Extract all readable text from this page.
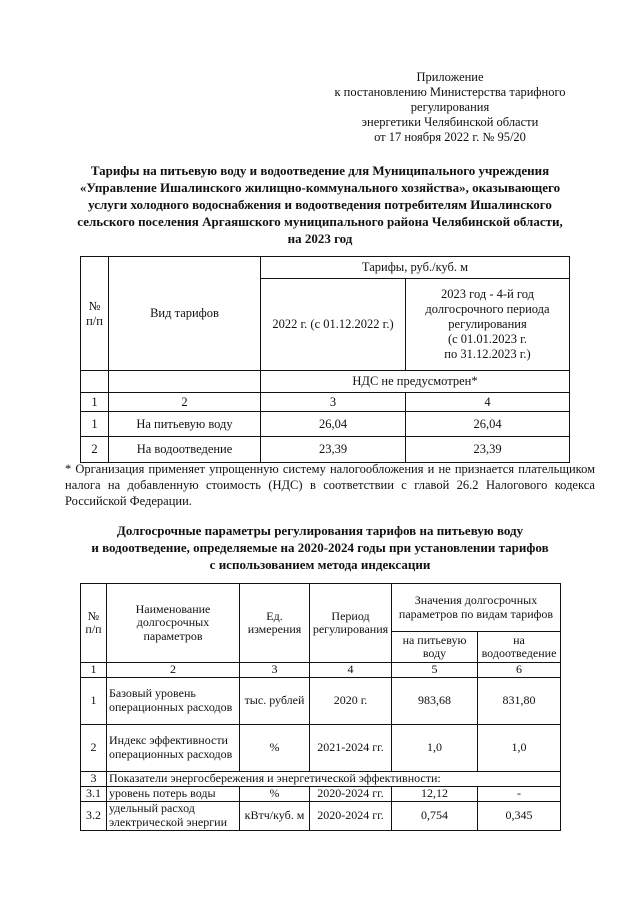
Приложение
к постановлению Министерства тарифного
регулирования
энергетики Челябинской области
от 17 ноября 2022 г. № 95/20
Тарифы на питьевую воду и водоотведение для Муниципального учреждения
«Управление Ишалинского жилищно-коммунального хозяйства», оказывающего
услуги холодного водоснабжения и водоотведения потребителям Ишалинского
сельского поселения Аргаяшского муниципального района Челябинской области,
на 2023 год
№ п/п	Вид тарифов	Тарифы, руб./куб. м	
		2022 г. (с 01.12.2022 г.)	2023 год - 4-й год
долгосрочного периода
регулирования
(с 01.01.2023 г.
по 31.12.2023 г.)

		НДС не предусмотрен*	
1	2	3	4
1	На питьевую воду	26,04	26,04
2	На водоотведение	23,39	23,39
* Организация применяет упрощенную систему налогообложения и не признается плательщиком налога на добавленную стоимость (НДС) в соответствии с главой 26.2 Налогового кодекса Российской Федерации.
Долгосрочные параметры регулирования тарифов на питьевую воду
и водоотведение, определяемые на 2020-2024 годы при установлении тарифов
с использованием метода индексации
№ п/п	Наименование долгосрочных параметров	Ед. измерения	Период регулирования	Значения долгосрочных параметров по видам тарифов	
				на питьевую воду	на водоотведение
1	2	3	4	5	6
1	Базовый уровень операционных расходов	тыс. рублей	2020 г.	983,68	831,80
2	Индекс эффективности операционных расходов	%	2021-2024 гг.	1,0	1,0
3	Показатели энергосбережения и энергетической эффективности:				
3.1	уровень потерь воды	%	2020-2024 гг.	12,12	-
3.2	удельный расход электрической энергии	кВтч/куб. м	2020-2024 гг.	0,754	0,345
